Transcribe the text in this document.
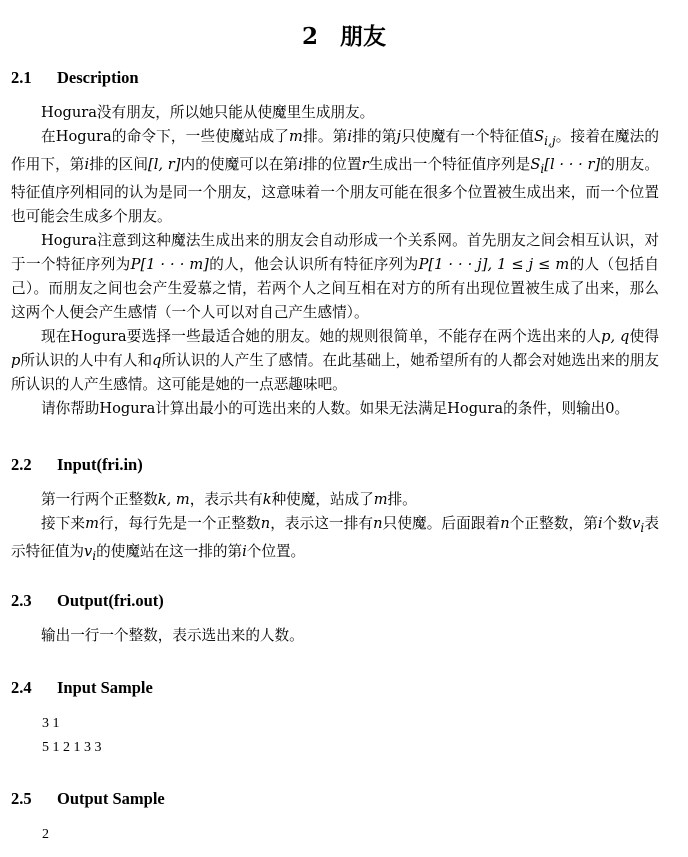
2 朋友
2.1 Description

Hogura没有朋友，所以她只能从使魔里生成朋友。

在Hogura的命令下，一些使魔站成了m排。第i排的第j只使魔有一个特征值$S_{i,j}$。接着在魔法的作用下，第i排的区间[l, r]内的使魔可以在第i排的位置r生成出一个特征值序列是$S_i[l$ · · · r]的朋友。特征值序列相同的认为是同一个朋友，这意味着一个朋友可能在很多个位置被生成出来，而一个位置也可能会生成多个朋友。

Hogura注意到这种魔法生成出来的朋友会自动形成一个关系网。首先朋友之间会相互认识，对于一个特征序列为P[1 · · · m]的人，他会认识所有特征序列为P[1 · · · j], 1 ≤ j ≤ m的人（包括自己）。而朋友之间也会产生爱慕之情，若两个人之间互相在对方的所有出现位置被生成了出来，那么这两个人便会产生感情（一个人可以对自己产生感情）。

现在Hogura要选择一些最适合她的朋友。她的规则很简单，不能存在两个选出来的人p, q使得p所认识的人中有人和q所认识的人产生了感情。在此基础上，她希望所有的人都会对她选出来的朋友所认识的人产生感情。这可能是她的一点恶趣味吧。

请你帮助Hogura计算出最小的可选出来的人数。如果无法满足Hogura的条件，则输出0。

2.2 Input(fri.in)

第一行两个正整数k, m，表示共有k种使魔，站成了m排。

接下来m行，每行先是一个正整数n，表示这一排有n只使魔。后面跟着n个正整数，第i个数$v_i$表示特征值为$v_i$的使魔站在这一排的第i个位置。

2.3 Output(fri.out)

输出一行一个整数，表示选出来的人数。

2.4 Input Sample
3 1
5 1 2 1 3 3
2.5 Output Sample
2
